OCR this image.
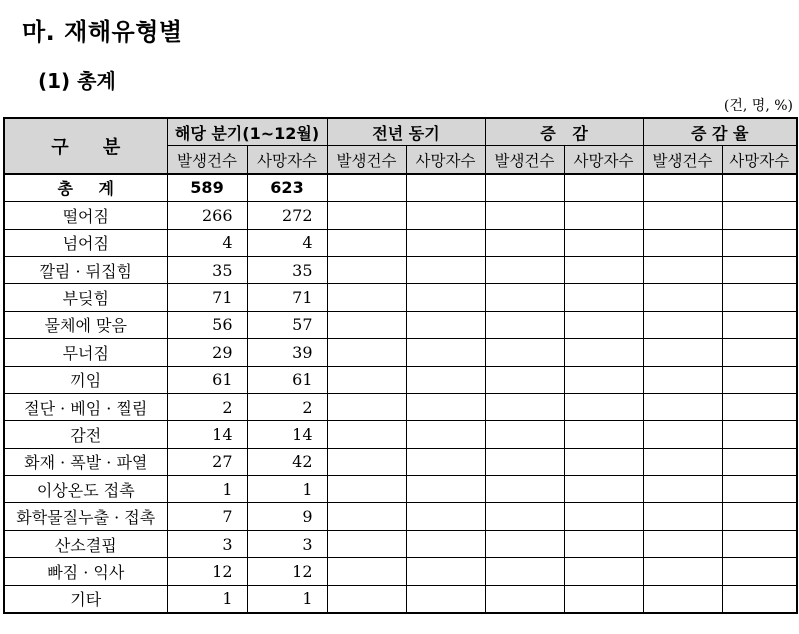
마. 재해유형별
(1) 총계
(건, 명, %)
구 분	해당 분기(1~12월)		전년 동기		증   감		증 감 율	
	발생건수	사망자수	발생건수	사망자수	발생건수	사망자수	발생건수	사망자수
총 계	589	623						
떨어짐	266	272						
넘어짐	4	4						
깔림 · 뒤집힘	35	35						
부딪힘	71	71						
물체에 맞음	56	57						
무너짐	29	39						
끼임	61	61						
절단 · 베임 · 찔림	2	2						
감전	14	14						
화재 · 폭발 · 파열	27	42						
이상온도 접촉	1	1						
화학물질누출 · 접촉	7	9						
산소결핍	3	3						
빠짐 · 익사	12	12						
기타	1	1						
